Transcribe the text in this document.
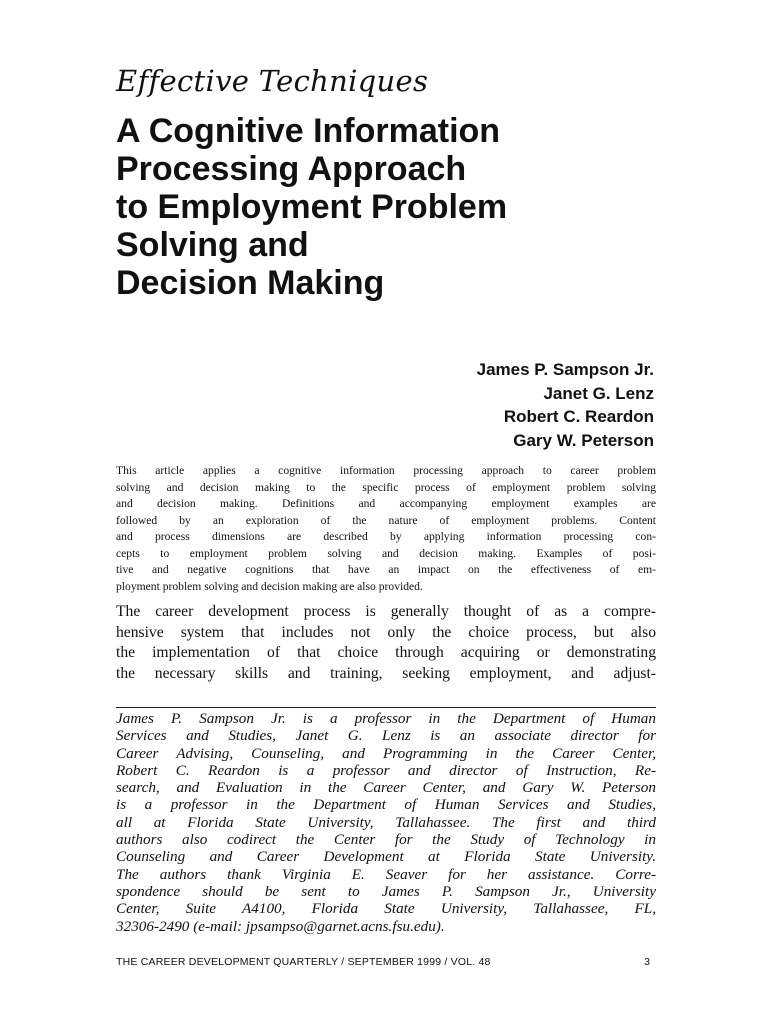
Effective Techniques
A Cognitive Information
Processing Approach
to Employment Problem
Solving and
Decision Making
James P. Sampson Jr.
Janet G. Lenz
Robert C. Reardon
Gary W. Peterson

This article applies a cognitive information processing approach to career problem
solving and decision making to the specific process of employment problem solving
and decision making. Definitions and accompanying employment examples are
followed by an exploration of the nature of employment problems. Content
and process dimensions are described by applying information processing con-
cepts to employment problem solving and decision making. Examples of posi-
tive and negative cognitions that have an impact on the effectiveness of em-
ployment problem solving and decision making are also provided.

The career development process is generally thought of as a compre-
hensive system that includes not only the choice process, but also
the implementation of that choice through acquiring or demonstrating
the necessary skills and training, seeking employment, and adjust-

James P. Sampson Jr. is a professor in the Department of Human
Services and Studies, Janet G. Lenz is an associate director for
Career Advising, Counseling, and Programming in the Career Center,
Robert C. Reardon is a professor and director of Instruction, Re-
search, and Evaluation in the Career Center, and Gary W. Peterson
is a professor in the Department of Human Services and Studies,
all at Florida State University, Tallahassee. The first and third
authors also codirect the Center for the Study of Technology in
Counseling and Career Development at Florida State University.
The authors thank Virginia E. Seaver for her assistance. Corre-
spondence should be sent to James P. Sampson Jr., University
Center, Suite A4100, Florida State University, Tallahassee, FL,
32306-2490 (e-mail: jpsampso@garnet.acns.fsu.edu).

THE CAREER DEVELOPMENT QUARTERLY / SEPTEMBER 1999 / VOL. 48	3
